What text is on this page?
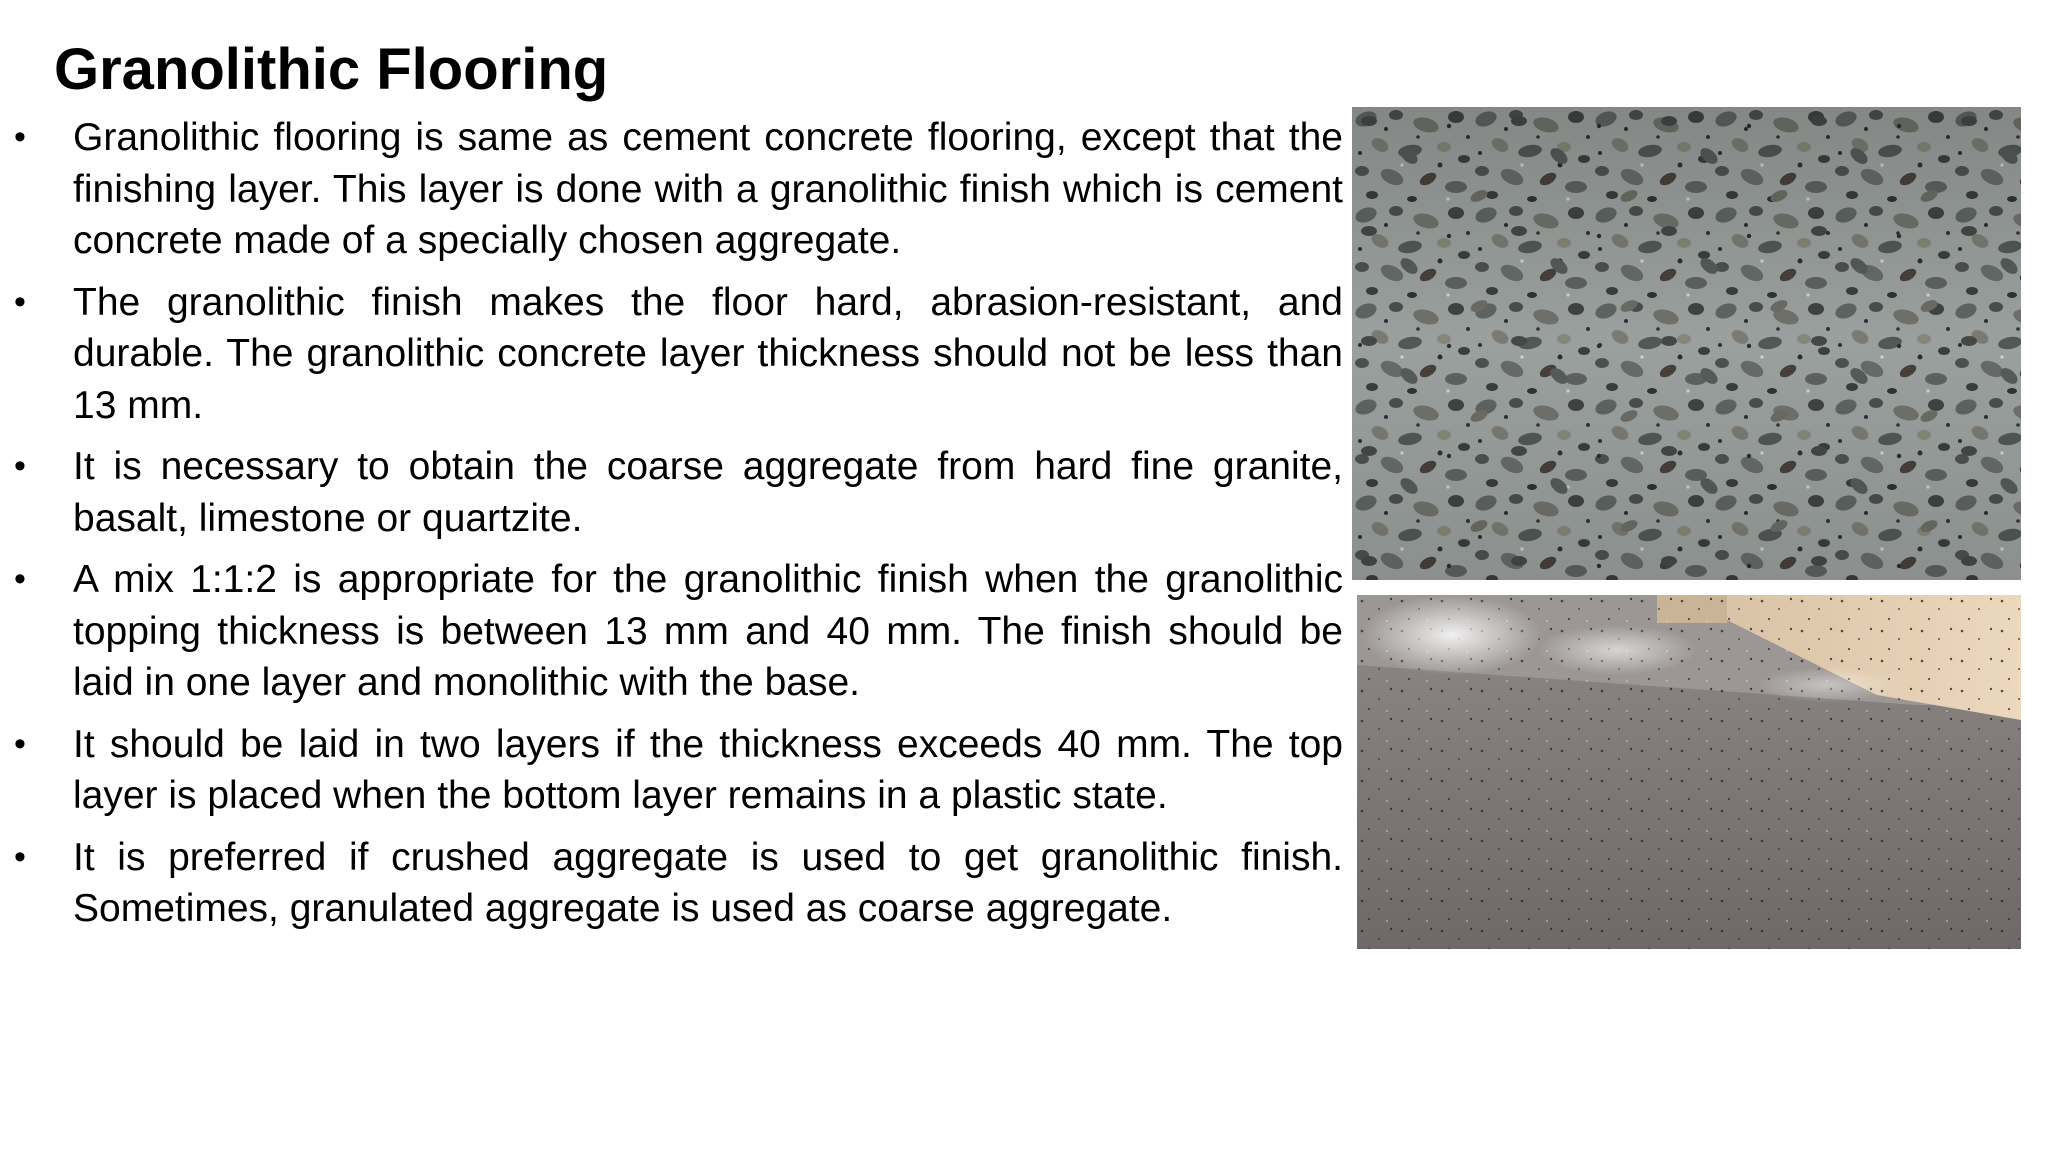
Granolithic Flooring
• Granolithic flooring is same as cement concrete flooring, except that the finishing layer. This layer is done with a granolithic finish which is cement concrete made of a specially chosen aggregate.
• The granolithic finish makes the floor hard, abrasion-resistant, and durable. The granolithic concrete layer thickness should not be less than 13 mm.
• It is necessary to obtain the coarse aggregate from hard fine granite, basalt, limestone or quartzite.
• A mix 1:1:2 is appropriate for the granolithic finish when the granolithic topping thickness is between 13 mm and 40 mm. The finish should be laid in one layer and monolithic with the base.
• It should be laid in two layers if the thickness exceeds 40 mm. The top layer is placed when the bottom layer remains in a plastic state.
• It is preferred if crushed aggregate is used to get granolithic finish. Sometimes, granulated aggregate is used as coarse aggregate.
